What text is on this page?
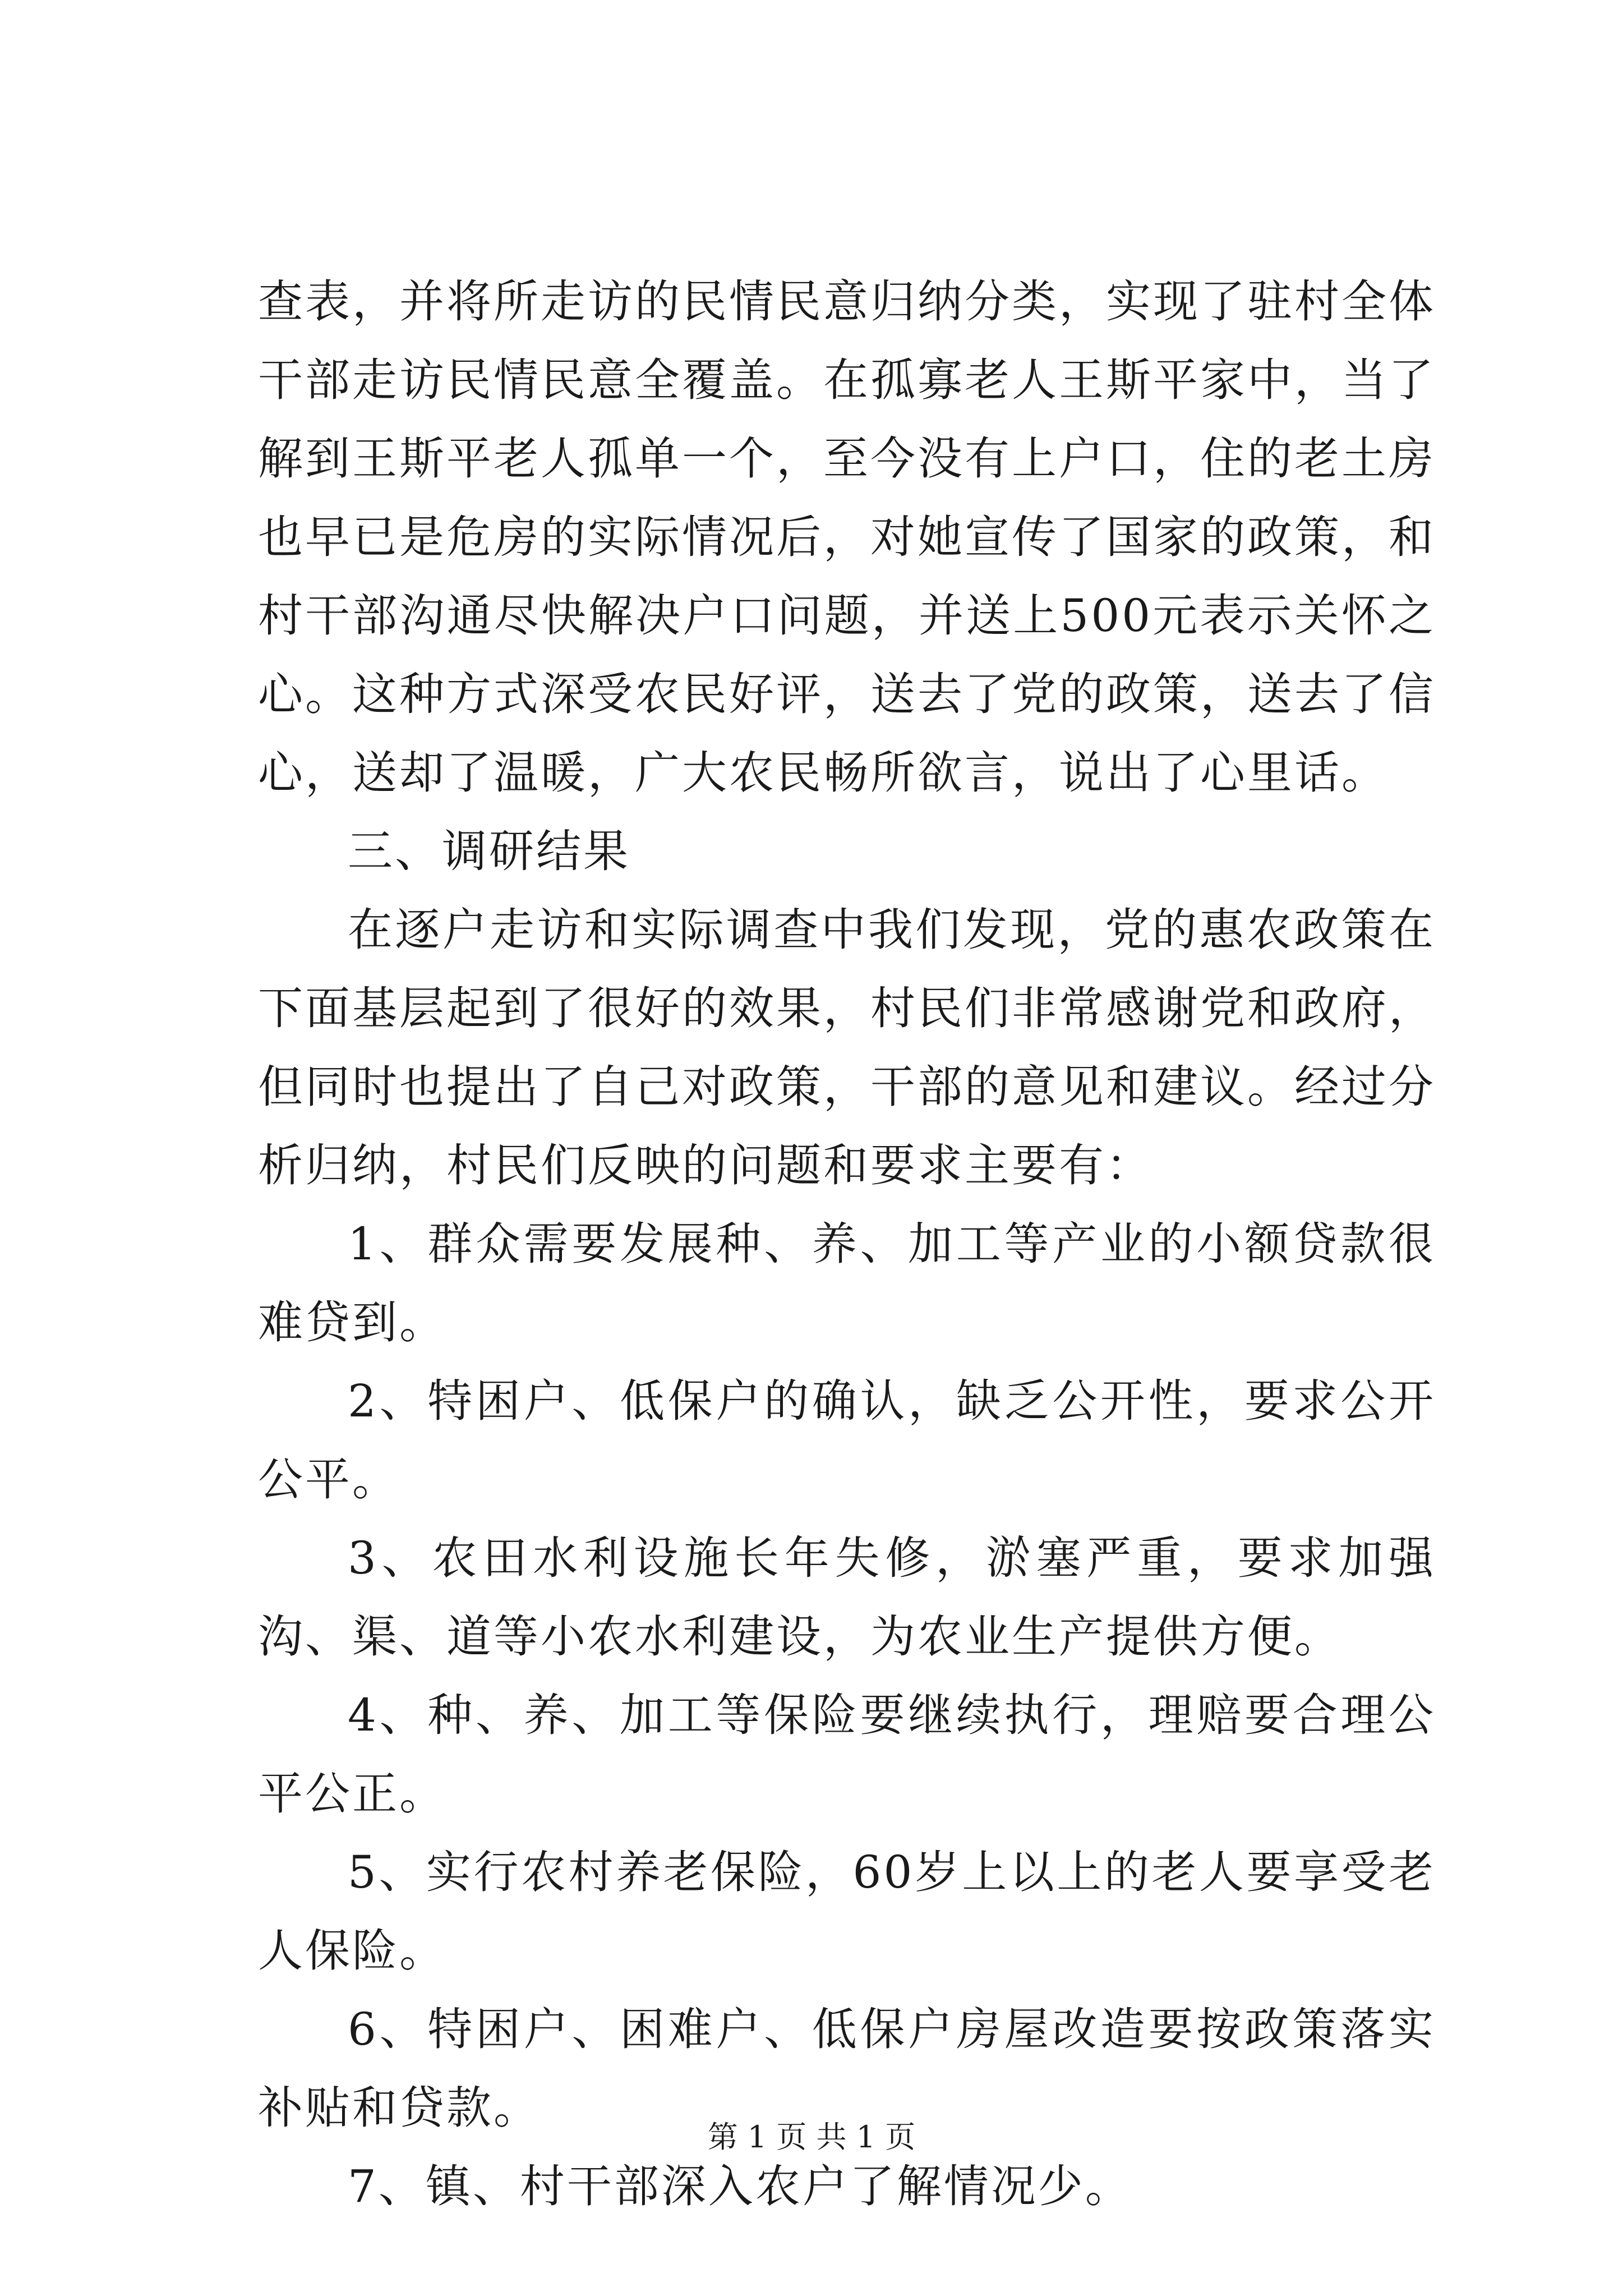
查表，并将所走访的民情民意归纳分类，实现了驻村全体干部走访民情民意全覆盖。在孤寡老人王斯平家中，当了解到王斯平老人孤单一个，至今没有上户口，住的老土房也早已是危房的实际情况后，对她宣传了国家的政策，和村干部沟通尽快解决户口问题，并送上500元表示关怀之心。这种方式深受农民好评，送去了党的政策，送去了信心，送却了温暖，广大农民畅所欲言，说出了心里话。

三、调研结果

在逐户走访和实际调查中我们发现，党的惠农政策在下面基层起到了很好的效果，村民们非常感谢党和政府，但同时也提出了自己对政策，干部的意见和建议。经过分析归纳，村民们反映的问题和要求主要有：

1、群众需要发展种、养、加工等产业的小额贷款很难贷到。

2、特困户、低保户的确认，缺乏公开性，要求公开公平。

3、农田水利设施长年失修，淤塞严重，要求加强沟、渠、道等小农水利建设，为农业生产提供方便。

4、种、养、加工等保险要继续执行，理赔要合理公平公正。

5、实行农村养老保险，60岁上以上的老人要享受老人保险。

6、特困户、困难户、低保户房屋改造要按政策落实补贴和贷款。

7、镇、村干部深入农户了解情况少。

第 1 页 共 1 页
